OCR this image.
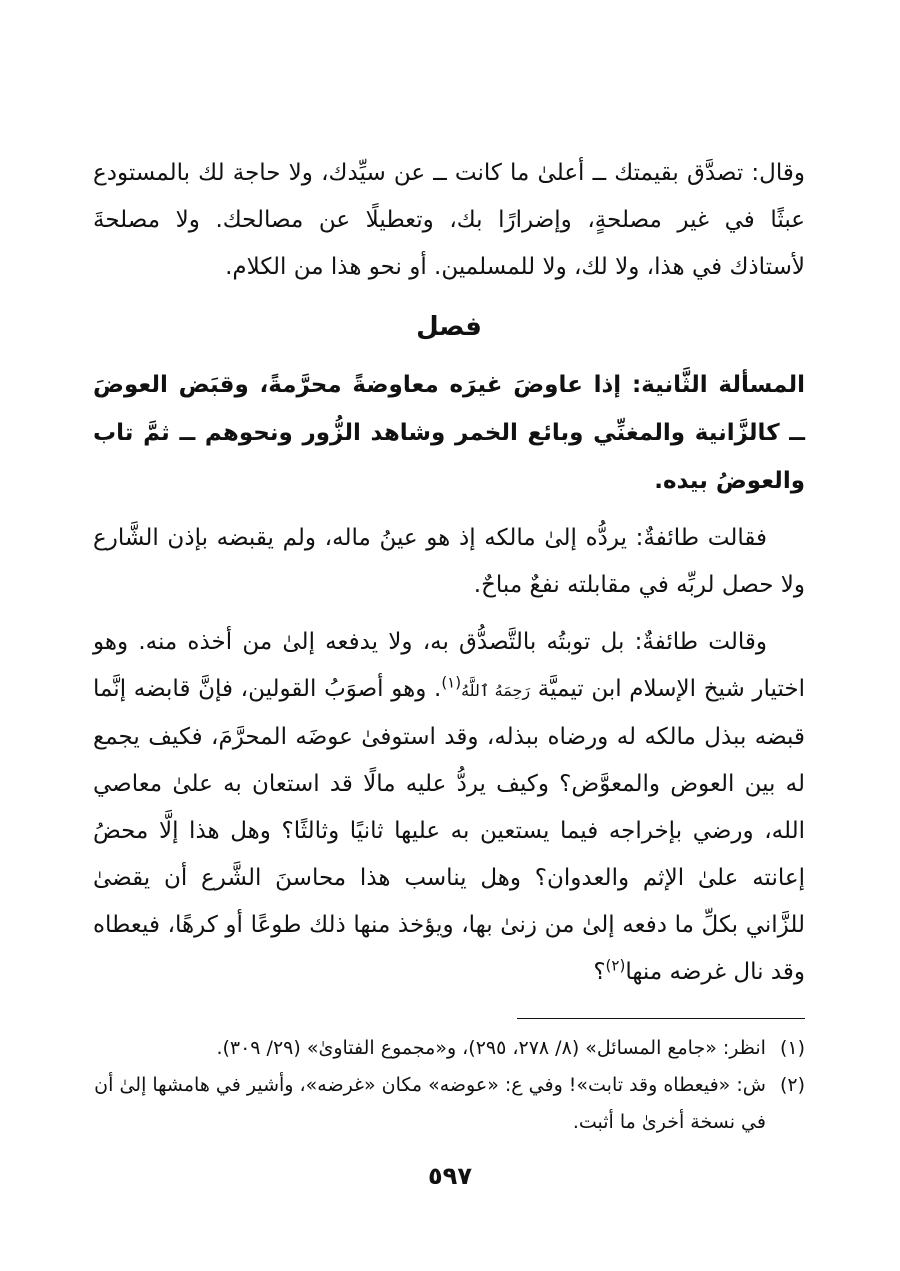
وقال: تصدَّق بقيمتك ــ أعلىٰ ما كانت ــ عن سيِّدك، ولا حاجة لك بالمستودع عبثًا في غير مصلحةٍ، وإضرارًا بك، وتعطيلًا عن مصالحك. ولا مصلحةَ لأستاذك في هذا، ولا لك، ولا للمسلمين. أو نحو هذا من الكلام.

فصل

المسألة الثَّانية: إذا عاوضَ غيرَه معاوضةً محرَّمةً، وقبَض العوضَ ــ كالزَّانية والمغنِّي وبائع الخمر وشاهد الزُّور ونحوهم ــ ثمَّ تاب والعوضُ بيده.

فقالت طائفةٌ: يردُّه إلىٰ مالكه إذ هو عينُ ماله، ولم يقبضه بإذن الشَّارع ولا حصل لربِّه في مقابلته نفعٌ مباحٌ.

وقالت طائفةٌ: بل توبتُه بالتَّصدُّق به، ولا يدفعه إلىٰ من أخذه منه. وهو اختيار شيخ الإسلام ابن تيميَّة رَحِمَهُ ٱللَّهُ$^{(١)}$. وهو أصوَبُ القولين، فإنَّ قابضه إنَّما قبضه ببذل مالكه له ورضاه ببذله، وقد استوفىٰ عوضَه المحرَّمَ، فكيف يجمع له بين العوض والمعوَّض؟ وكيف يردُّ عليه مالًا قد استعان به علىٰ معاصي الله، ورضي بإخراجه فيما يستعين به عليها ثانيًا وثالثًا؟ وهل هذا إلَّا محضُ إعانته علىٰ الإثم والعدوان؟ وهل يناسب هذا محاسنَ الشَّرع أن يقضىٰ للزَّاني بكلِّ ما دفعه إلىٰ من زنىٰ بها، ويؤخذ منها ذلك طوعًا أو كرهًا، فيعطاه وقد نال غرضه منها$^{(٢)}$؟

(١)
انظر: «جامع المسائل» (٨/ ٢٧٨، ٢٩٥)، و«مجموع الفتاوىٰ» (٢٩/ ٣٠٩).
(٢)
ش: «فيعطاه وقد تابت»! وفي ع: «عوضه» مكان «غرضه»، وأشير في هامشها إلىٰ أن في نسخة أخرىٰ ما أثبت.
٥٩٧
